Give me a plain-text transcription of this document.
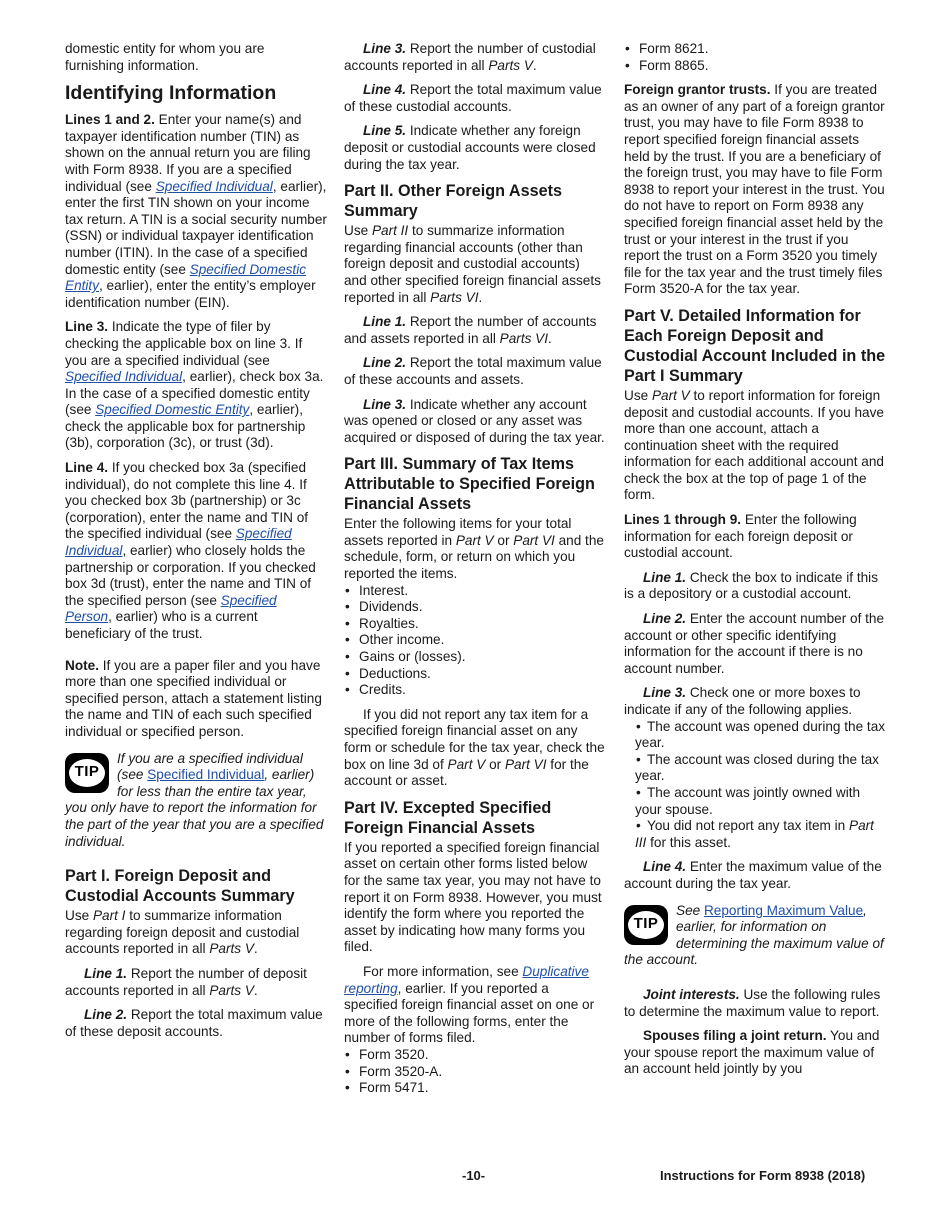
domestic entity for whom you are furnishing information.

Identifying Information

Lines 1 and 2. Enter your name(s) and taxpayer identification number (TIN) as shown on the annual return you are filing with Form 8938. If you are a specified individual (see Specified Individual, earlier), enter the first TIN shown on your income tax return. A TIN is a social security number (SSN) or individual taxpayer identification number (ITIN). In the case of a specified domestic entity (see Specified Domestic Entity, earlier), enter the entity’s employer identification number (EIN).

Line 3. Indicate the type of filer by checking the applicable box on line 3. If you are a specified individual (see Specified Individual, earlier), check box 3a. In the case of a specified domestic entity (see Specified Domestic Entity, earlier), check the applicable box for partnership (3b), corporation (3c), or trust (3d).

Line 4. If you checked box 3a (specified individual), do not complete this line 4. If you checked box 3b (partnership) or 3c (corporation), enter the name and TIN of the specified individual (see Specified Individual, earlier) who closely holds the partnership or corporation. If you checked box 3d (trust), enter the name and TIN of the specified person (see Specified Person, earlier) who is a current beneficiary of the trust.

Note. If you are a paper filer and you have more than one specified individual or specified person, attach a statement listing the name and TIN of each such specified individual or specified person.

TIP
If you are a specified individual (see Specified Individual, earlier) for less than the entire tax year, you only have to report the information for the part of the year that you are a specified individual.
Part I. Foreign Deposit and Custodial Accounts Summary

Use Part I to summarize information regarding foreign deposit and custodial accounts reported in all Parts V.

Line 1. Report the number of deposit accounts reported in all Parts V.

Line 2. Report the total maximum value of these deposit accounts.

Line 3. Report the number of custodial accounts reported in all Parts V.

Line 4. Report the total maximum value of these custodial accounts.

Line 5. Indicate whether any foreign deposit or custodial accounts were closed during the tax year.

Part II. Other Foreign Assets Summary

Use Part II to summarize information regarding financial accounts (other than foreign deposit and custodial accounts) and other specified foreign financial assets reported in all Parts VI.

Line 1. Report the number of accounts and assets reported in all Parts VI.

Line 2. Report the total maximum value of these accounts and assets.

Line 3. Indicate whether any account was opened or closed or any asset was acquired or disposed of during the tax year.

Part III. Summary of Tax Items Attributable to Specified Foreign Financial Assets

Enter the following items for your total assets reported in Part V or Part VI and the schedule, form, or return on which you reported the items.

• Interest.
• Dividends.
• Royalties.
• Other income.
• Gains or (losses).
• Deductions.
• Credits.

If you did not report any tax item for a specified foreign financial asset on any form or schedule for the tax year, check the box on line 3d of Part V or Part VI for the account or asset.

Part IV. Excepted Specified Foreign Financial Assets

If you reported a specified foreign financial asset on certain other forms listed below for the same tax year, you may not have to report it on Form 8938. However, you must identify the form where you reported the asset by indicating how many forms you filed.

For more information, see Duplicative reporting, earlier. If you reported a specified foreign financial asset on one or more of the following forms, enter the number of forms filed.

• Form 3520.
• Form 3520-A.
• Form 5471.
• Form 8621.
• Form 8865.

Foreign grantor trusts. If you are treated as an owner of any part of a foreign grantor trust, you may have to file Form 8938 to report specified foreign financial assets held by the trust. If you are a beneficiary of the foreign trust, you may have to file Form 8938 to report your interest in the trust. You do not have to report on Form 8938 any specified foreign financial asset held by the trust or your interest in the trust if you report the trust on a Form 3520 you timely file for the tax year and the trust timely files Form 3520-A for the tax year.

Part V. Detailed Information for Each Foreign Deposit and Custodial Account Included in the Part I Summary

Use Part V to report information for foreign deposit and custodial accounts. If you have more than one account, attach a continuation sheet with the required information for each additional account and check the box at the top of page 1 of the form.

Lines 1 through 9. Enter the following information for each foreign deposit or custodial account.

Line 1. Check the box to indicate if this is a depository or a custodial account.

Line 2. Enter the account number of the account or other specific identifying information for the account if there is no account number.

Line 3. Check one or more boxes to indicate if any of the following applies.

• The account was opened during the tax year.
• The account was closed during the tax year.
• The account was jointly owned with your spouse.
• You did not report any tax item in Part III for this asset.

Line 4. Enter the maximum value of the account during the tax year.

TIP
See Reporting Maximum Value, earlier, for information on determining the maximum value of the account.

Joint interests. Use the following rules to determine the maximum value to report.

Spouses filing a joint return. You and your spouse report the maximum value of an account held jointly by you

-10-	Instructions for Form 8938 (2018)
